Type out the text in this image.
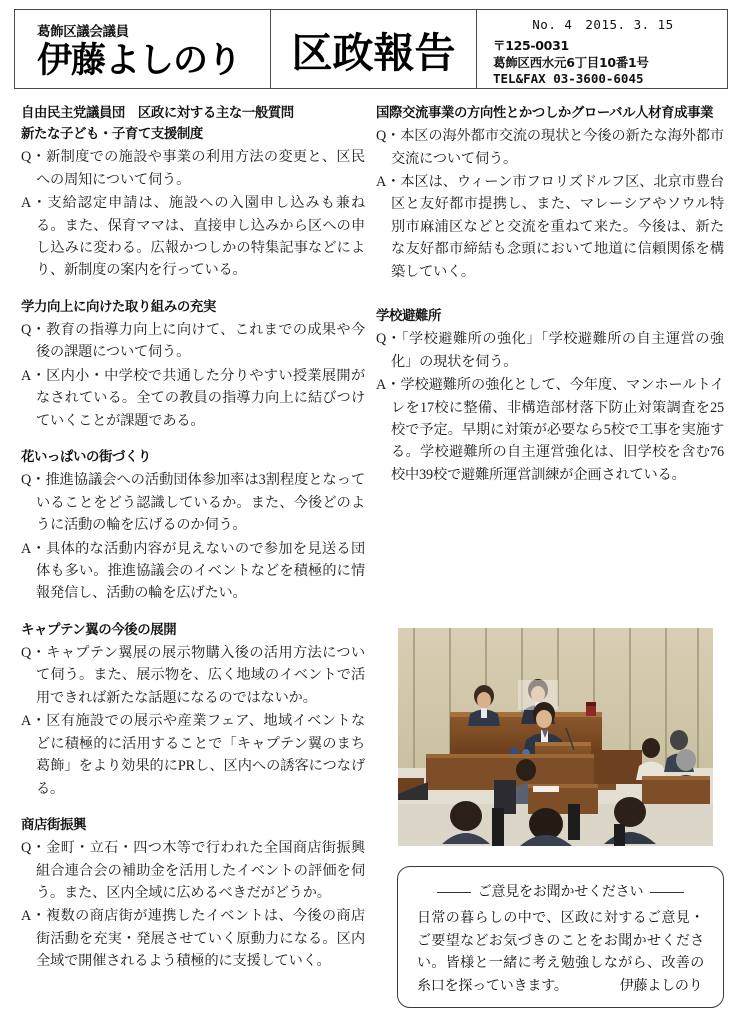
葛飾区議会議員
伊藤よしのり	区政報告
No. 4　2015. 3. 15
〒125-0031
葛飾区西水元6丁目10番1号
TEL&FAX 03-3600-6045
自由民主党議員団　区政に対する主な一般質問
新たな子ども・子育て支援制度

Q・新制度での施設や事業の利用方法の変更と、区民への周知について伺う。

A・支給認定申請は、施設への入園申し込みも兼ねる。また、保育ママは、直接申し込みから区への申し込みに変わる。広報かつしかの特集記事などにより、新制度の案内を行っている。

学力向上に向けた取り組みの充実

Q・教育の指導力向上に向けて、これまでの成果や今後の課題について伺う。

A・区内小・中学校で共通した分りやすい授業展開がなされている。全ての教員の指導力向上に結びつけていくことが課題である。

花いっぱいの街づくり

Q・推進協議会への活動団体参加率は3割程度となっていることをどう認識しているか。また、今後どのように活動の輪を広げるのか伺う。

A・具体的な活動内容が見えないので参加を見送る団体も多い。推進協議会のイベントなどを積極的に情報発信し、活動の輪を広げたい。

キャプテン翼の今後の展開

Q・キャプテン翼展の展示物購入後の活用方法について伺う。また、展示物を、広く地域のイベントで活用できれば新たな話題になるのではないか。

A・区有施設での展示や産業フェア、地域イベントなどに積極的に活用することで「キャプテン翼のまち葛飾」をより効果的にPRし、区内への誘客につなげる。

商店街振興

Q・金町・立石・四つ木等で行われた全国商店街振興組合連合会の補助金を活用したイベントの評価を伺う。また、区内全域に広めるべきだがどうか。

A・複数の商店街が連携したイベントは、今後の商店街活動を充実・発展させていく原動力になる。区内全域で開催されるよう積極的に支援していく。

国際交流事業の方向性とかつしかグローバル人材育成事業

Q・本区の海外都市交流の現状と今後の新たな海外都市交流について伺う。

A・本区は、ウィーン市フロリズドルフ区、北京市豊台区と友好都市提携し、また、マレーシアやソウル特別市麻浦区などと交流を重ねて来た。今後は、新たな友好都市締結も念頭において地道に信頼関係を構築していく。

学校避難所

Q・「学校避難所の強化」「学校避難所の自主運営の強化」の現状を伺う。

A・学校避難所の強化として、今年度、マンホールトイレを17校に整備、非構造部材落下防止対策調査を25校で予定。早期に対策が必要なら5校で工事を実施する。学校避難所の自主運営強化は、旧学校を含む76校中39校で避難所運営訓練が企画されている。

ご意見をお聞かせください
日常の暮らしの中で、区政に対するご意見・ご要望などお気づきのことをお聞かせください。皆様と一緒に考え勉強しながら、改善の糸口を探っていきます。	伊藤よしのり
